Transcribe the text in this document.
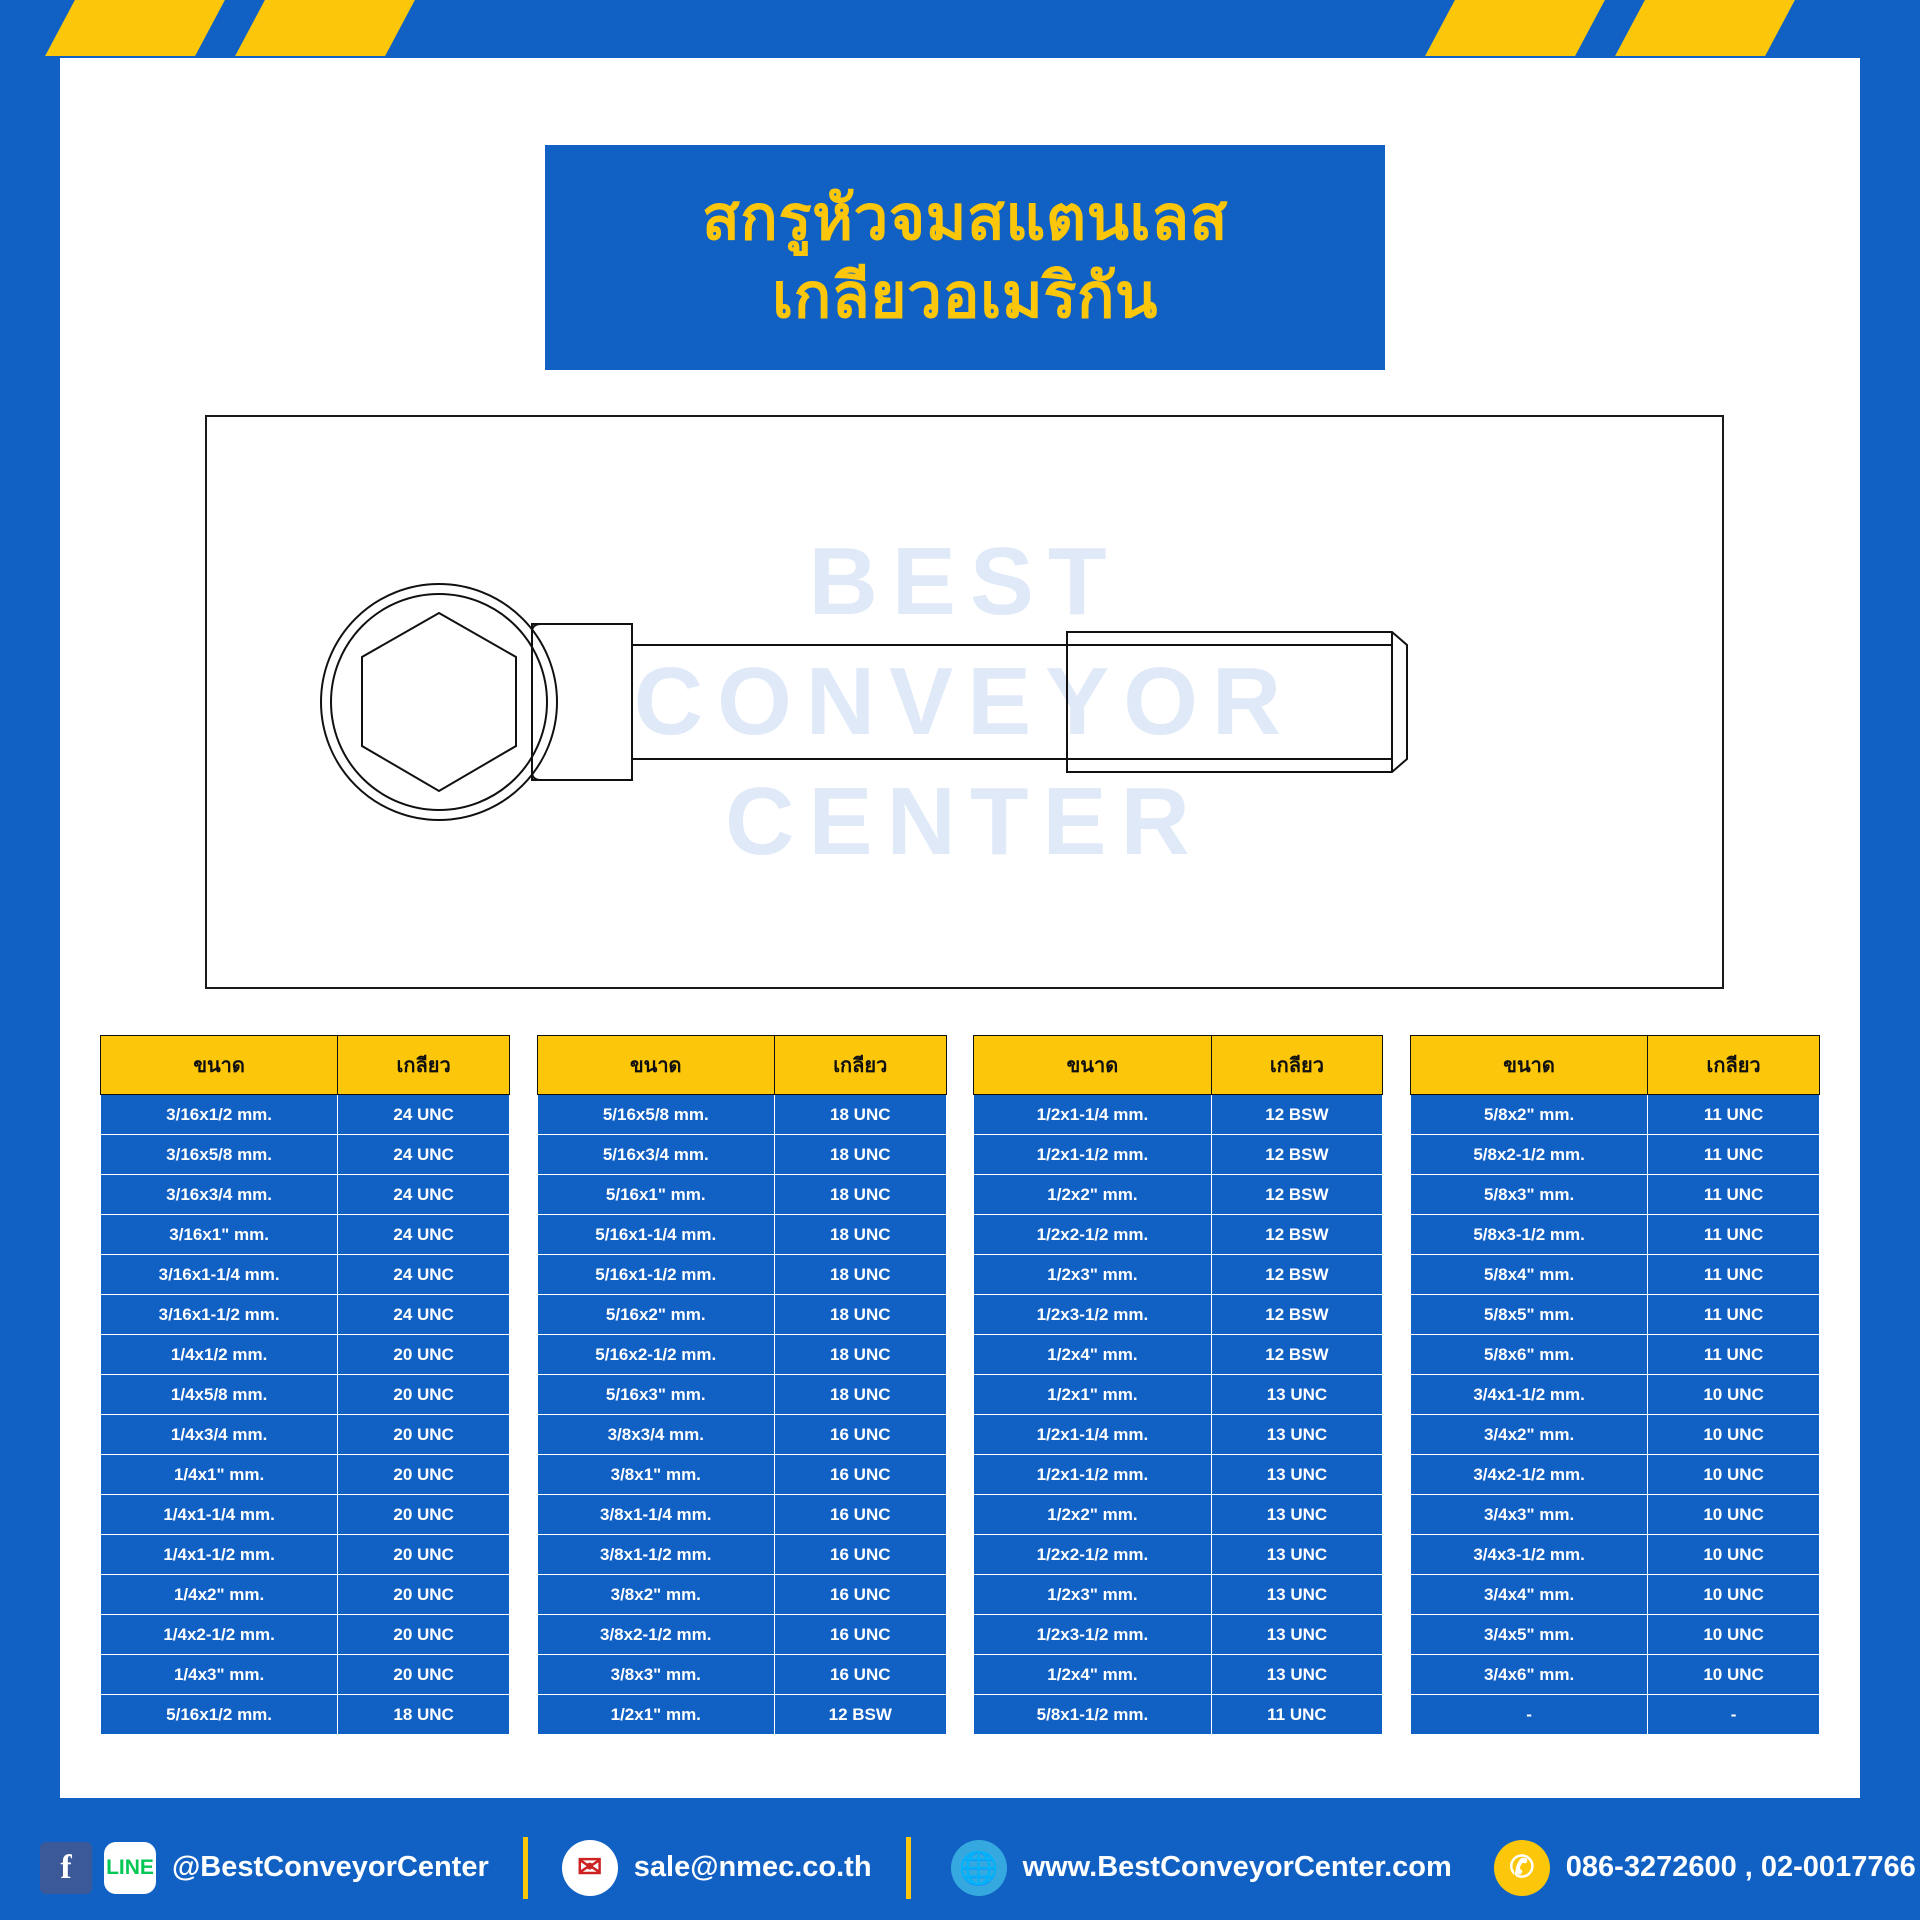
สกรูหัวจมสแตนเลส
เกลียวอเมริกัน
BEST
CONVEYOR
CENTER
ขนาด	เกลียว
3/16x1/2 mm.	24 UNC
3/16x5/8 mm.	24 UNC
3/16x3/4 mm.	24 UNC
3/16x1" mm.	24 UNC
3/16x1-1/4 mm.	24 UNC
3/16x1-1/2 mm.	24 UNC
1/4x1/2 mm.	20 UNC
1/4x5/8 mm.	20 UNC
1/4x3/4 mm.	20 UNC
1/4x1" mm.	20 UNC
1/4x1-1/4 mm.	20 UNC
1/4x1-1/2 mm.	20 UNC
1/4x2" mm.	20 UNC
1/4x2-1/2 mm.	20 UNC
1/4x3" mm.	20 UNC
5/16x1/2 mm.	18 UNC
ขนาด	เกลียว
5/16x5/8 mm.	18 UNC
5/16x3/4 mm.	18 UNC
5/16x1" mm.	18 UNC
5/16x1-1/4 mm.	18 UNC
5/16x1-1/2 mm.	18 UNC
5/16x2" mm.	18 UNC
5/16x2-1/2 mm.	18 UNC
5/16x3" mm.	18 UNC
3/8x3/4 mm.	16 UNC
3/8x1" mm.	16 UNC
3/8x1-1/4 mm.	16 UNC
3/8x1-1/2 mm.	16 UNC
3/8x2" mm.	16 UNC
3/8x2-1/2 mm.	16 UNC
3/8x3" mm.	16 UNC
1/2x1" mm.	12 BSW
ขนาด	เกลียว
1/2x1-1/4 mm.	12 BSW
1/2x1-1/2 mm.	12 BSW
1/2x2" mm.	12 BSW
1/2x2-1/2 mm.	12 BSW
1/2x3" mm.	12 BSW
1/2x3-1/2 mm.	12 BSW
1/2x4" mm.	12 BSW
1/2x1" mm.	13 UNC
1/2x1-1/4 mm.	13 UNC
1/2x1-1/2 mm.	13 UNC
1/2x2" mm.	13 UNC
1/2x2-1/2 mm.	13 UNC
1/2x3" mm.	13 UNC
1/2x3-1/2 mm.	13 UNC
1/2x4" mm.	13 UNC
5/8x1-1/2 mm.	11 UNC
ขนาด	เกลียว
5/8x2" mm.	11 UNC
5/8x2-1/2 mm.	11 UNC
5/8x3" mm.	11 UNC
5/8x3-1/2 mm.	11 UNC
5/8x4" mm.	11 UNC
5/8x5" mm.	11 UNC
5/8x6" mm.	11 UNC
3/4x1-1/2 mm.	10 UNC
3/4x2" mm.	10 UNC
3/4x2-1/2 mm.	10 UNC
3/4x3" mm.	10 UNC
3/4x3-1/2 mm.	10 UNC
3/4x4" mm.	10 UNC
3/4x5" mm.	10 UNC
3/4x6" mm.	10 UNC
-	-
f	LINE @BestConveyorCenter	✉	sale@nmec.co.th	🌐 www.BestConveyorCenter.com	✆	086-3272600 , 02-0017766
